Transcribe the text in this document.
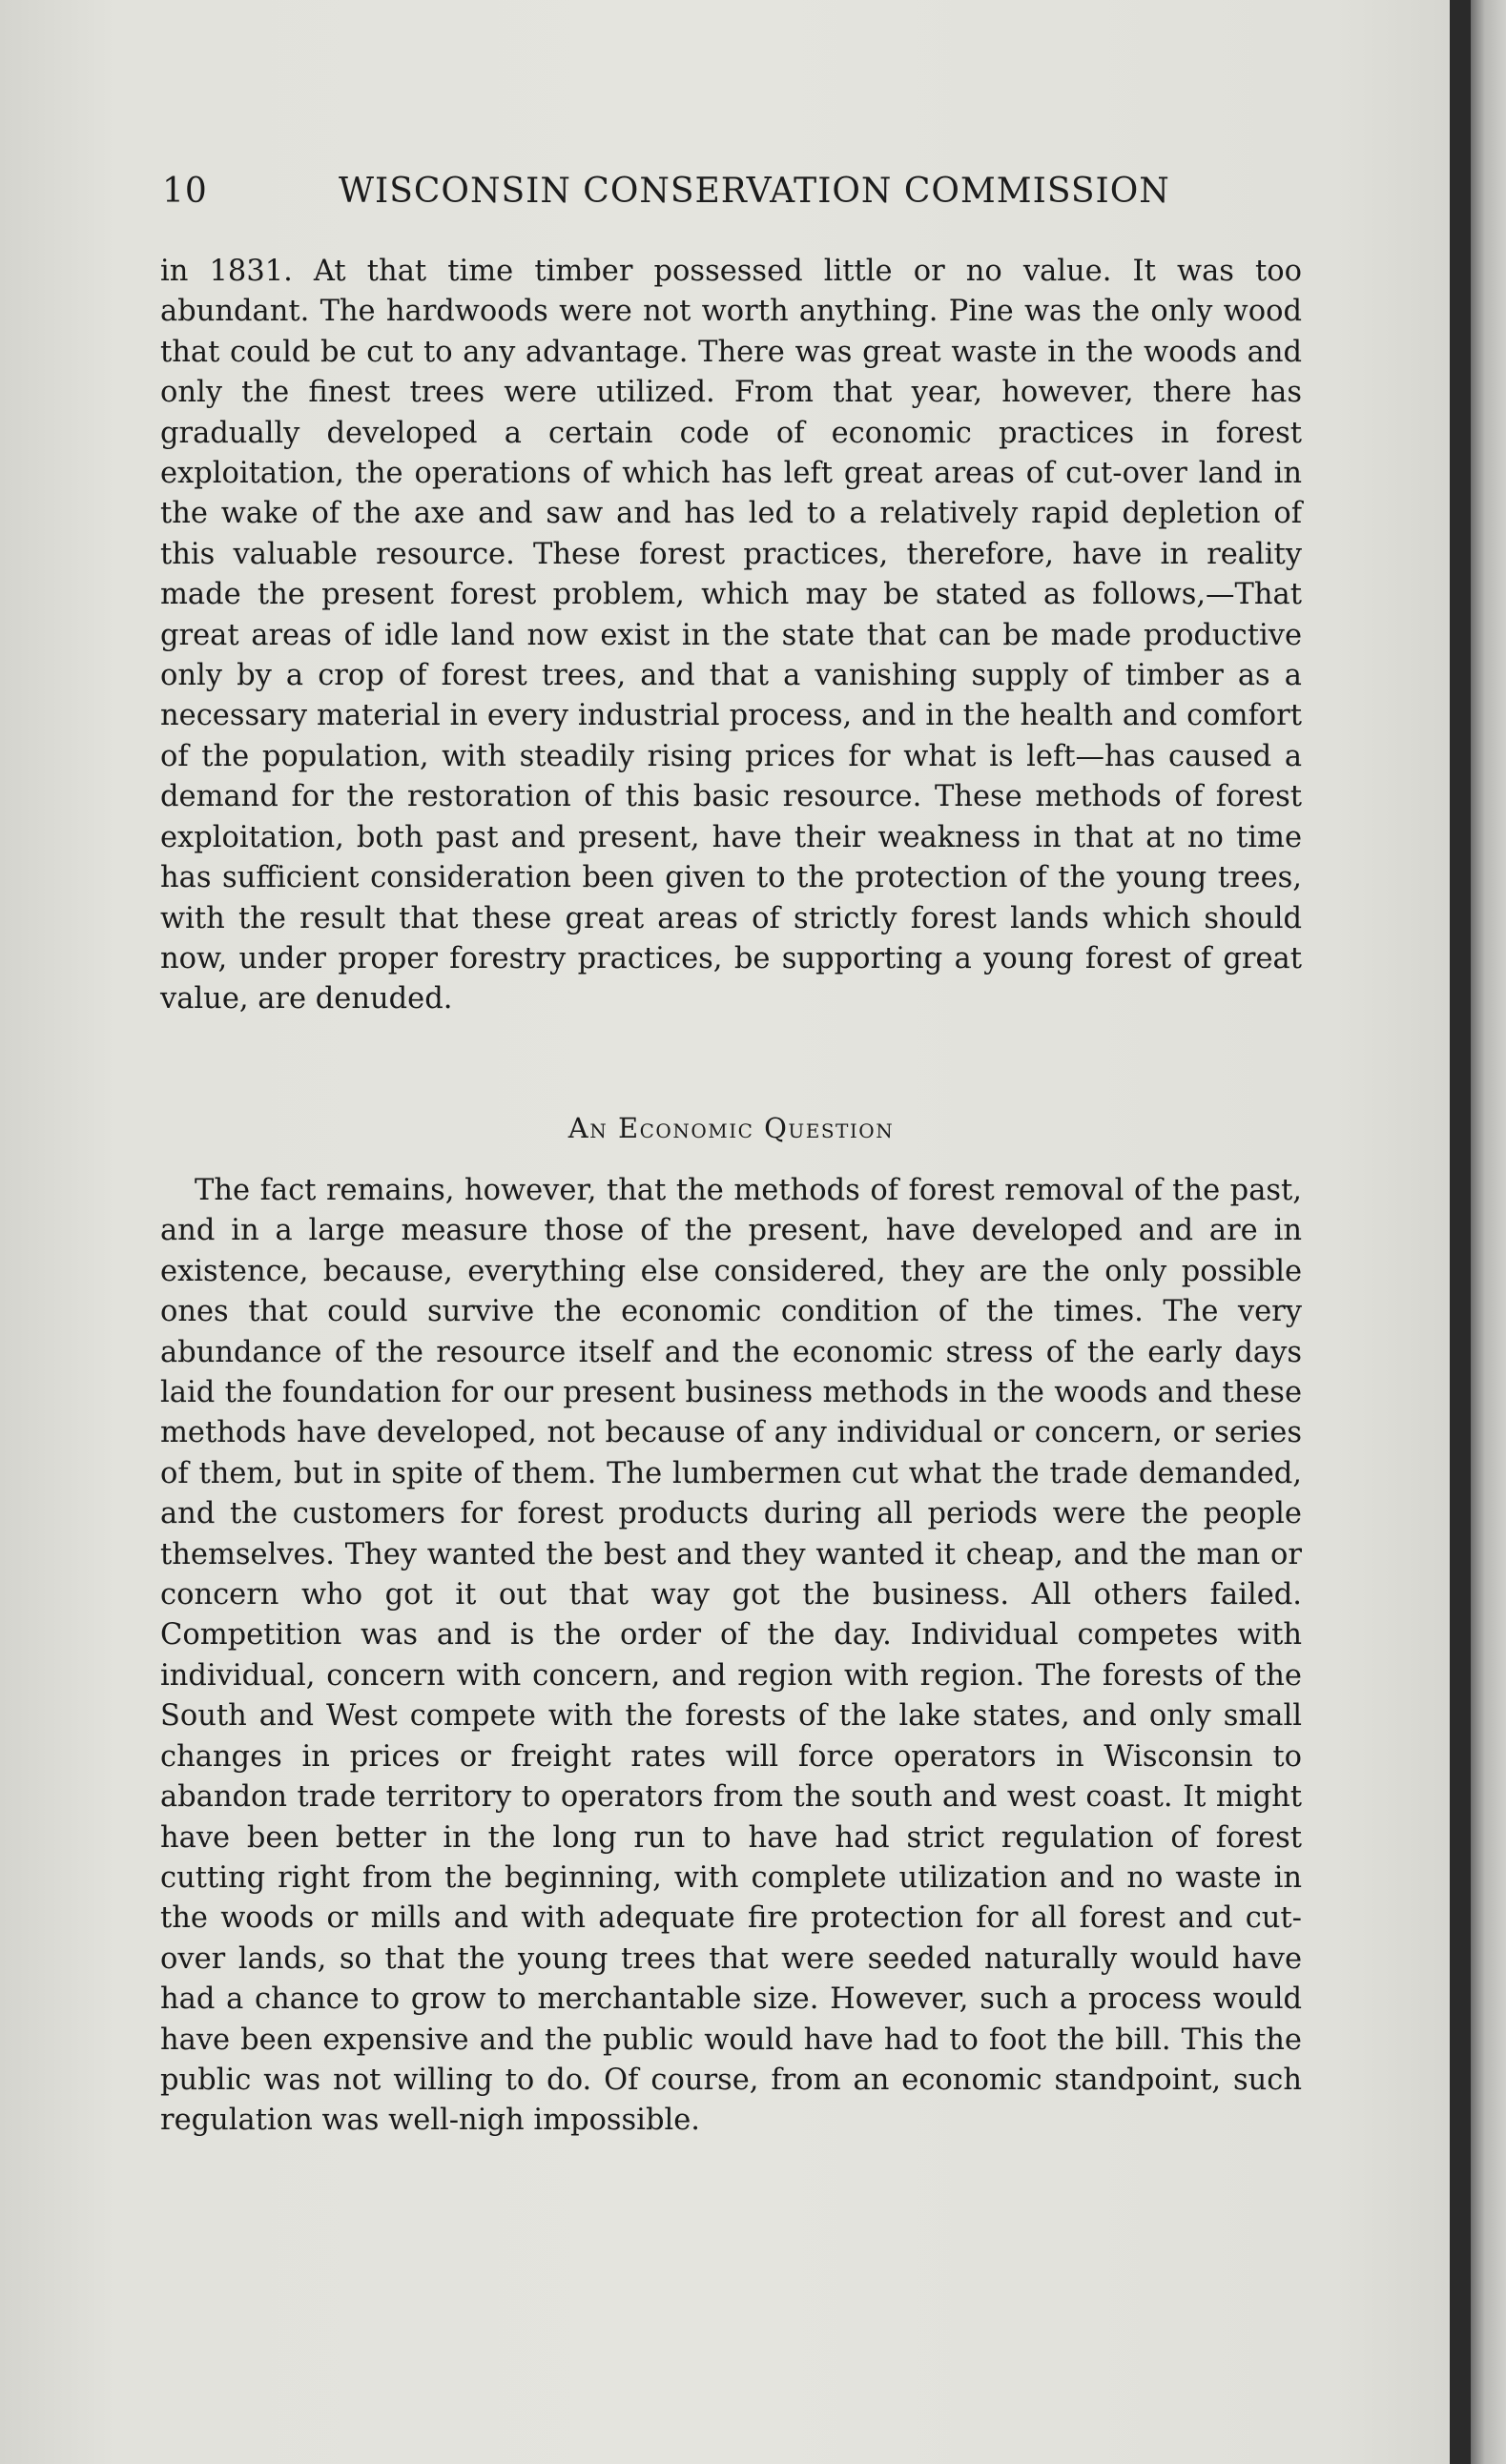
10	WISCONSIN CONSERVATION COMMISSION

in 1831. At that time timber possessed little or no value. It was too abundant. The hardwoods were not worth anything. Pine was the only wood that could be cut to any advantage. There was great waste in the woods and only the finest trees were utilized. From that year, however, there has gradually developed a certain code of economic practices in forest exploitation, the operations of which has left great areas of cut-over land in the wake of the axe and saw and has led to a relatively rapid depletion of this valuable resource. These forest practices, therefore, have in reality made the present forest problem, which may be stated as follows,—That great areas of idle land now exist in the state that can be made productive only by a crop of forest trees, and that a vanishing supply of timber as a necessary material in every industrial process, and in the health and comfort of the population, with steadily rising prices for what is left—has caused a demand for the restoration of this basic resource. These methods of forest exploitation, both past and present, have their weakness in that at no time has sufficient consideration been given to the protection of the young trees, with the result that these great areas of strictly forest lands which should now, under proper forestry practices, be supporting a young forest of great value, are denuded.

An Economic Question

The fact remains, however, that the methods of forest removal of the past, and in a large measure those of the present, have developed and are in existence, because, everything else considered, they are the only possible ones that could survive the economic condition of the times. The very abundance of the resource itself and the economic stress of the early days laid the foundation for our present business methods in the woods and these methods have developed, not because of any individual or concern, or series of them, but in spite of them. The lumbermen cut what the trade demanded, and the customers for forest products during all periods were the people themselves. They wanted the best and they wanted it cheap, and the man or concern who got it out that way got the business. All others failed. Competition was and is the order of the day. Individual competes with individual, concern with concern, and region with region. The forests of the South and West compete with the forests of the lake states, and only small changes in prices or freight rates will force operators in Wisconsin to abandon trade territory to operators from the south and west coast. It might have been better in the long run to have had strict regulation of forest cutting right from the beginning, with complete utilization and no waste in the woods or mills and with adequate fire protection for all forest and cut-over lands, so that the young trees that were seeded naturally would have had a chance to grow to merchantable size. However, such a process would have been expensive and the public would have had to foot the bill. This the public was not willing to do. Of course, from an economic standpoint, such regulation was well-nigh impossible.
